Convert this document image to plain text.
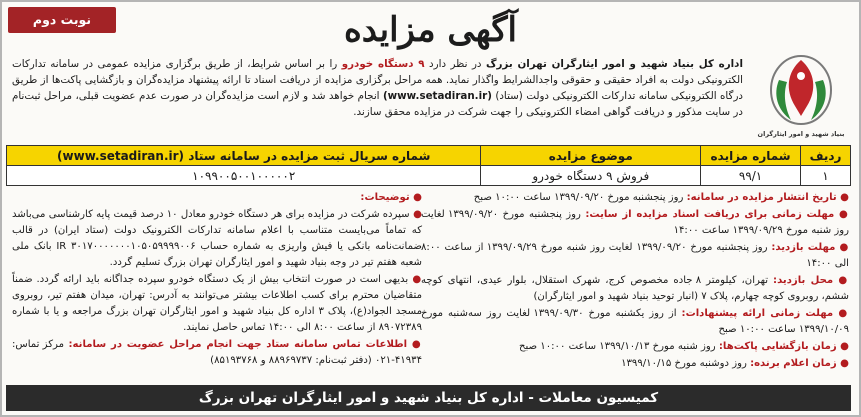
نوبت دوم	آگهی مزایده
بنیاد شهید و امور ایثارگران
اداره کل بنیاد شهید و امور ایثارگران تهران بزرگ در نظر دارد ۹ دستگاه خودرو را بر اساس شرایط، از طریق برگزاری مزایده عمومی در سامانه تدارکات الکترونیکی دولت به افراد حقیقی و حقوقی واجدالشرایط واگذار نماید. همه مراحل برگزاری مزایده از دریافت اسناد تا ارائه پیشنهاد مزایده‌گران و بازگشایی پاکت‌ها از طریق درگاه الکترونیکی سامانه تدارکات الکترونیکی دولت (ستاد) (www.setadiran.ir) انجام خواهد شد و لازم است مزایده‌گران در صورت عدم عضویت قبلی، مراحل ثبت‌نام در سایت مذکور و دریافت گواهی امضاء الکترونیکی را جهت شرکت در مزایده محقق سازند.
ردیف	شماره مزایده	موضوع مزایده	شماره سریال ثبت مزایده در سامانه ستاد (www.setadiran.ir)
۱	۹۹/۱	فروش ۹ دستگاه خودرو	۱۰۹۹۰۰۵۰۰۱۰۰۰۰۰۲
● تاریخ انتشار مزایده در سامانه: روز پنجشنبه مورخ ۱۳۹۹/۰۹/۲۰ ساعت ۱۰:۰۰ صبح
● مهلت زمانی برای دریافت اسناد مزایده از سایت: روز پنجشنبه مورخ ۱۳۹۹/۰۹/۲۰ لغایت روز شنبه مورخ ۱۳۹۹/۰۹/۲۹ ساعت ۱۴:۰۰
● مهلت بازدید: روز پنجشنبه مورخ ۱۳۹۹/۰۹/۲۰ لغایت روز شنبه مورخ ۱۳۹۹/۰۹/۲۹ از ساعت ۸:۰۰ الی ۱۴:۰۰
● محل بازدید: تهران، کیلومتر ۸ جاده مخصوص کرج، شهرک استقلال، بلوار عیدی، انتهای کوچه ششم، روبروی کوچه چهارم، پلاک ۷ (انبار توحید بنیاد شهید و امور ایثارگران)
● مهلت زمانی ارائه پیشنهادات: از روز یکشنبه مورخ ۱۳۹۹/۰۹/۳۰ لغایت روز سه‌شنبه مورخ ۱۳۹۹/۱۰/۰۹ ساعت ۱۰:۰۰ صبح
● زمان بازگشایی پاکت‌ها: روز شنبه مورخ ۱۳۹۹/۱۰/۱۳ ساعت ۱۰:۰۰ صبح
● زمان اعلام برنده: روز دوشنبه مورخ ۱۳۹۹/۱۰/۱۵
● توضیحات:
● سپرده شرکت در مزایده برای هر دستگاه خودرو معادل ۱۰ درصد قیمت پایه کارشناسی می‌باشد که تماماً می‌بایست متناسب با اعلام سامانه تدارکات الکترونیک دولت (ستاد ایران) در قالب ضمانت‌نامه بانکی یا فیش واریزی به شماره حساب IR ۳۰۱۷۰۰۰۰۰۰۰۱۰۵۰۵۹۹۹۹۰۰۶ بانک ملی شعبه هفتم تیر در وجه بنیاد شهید و امور ایثارگران تهران بزرگ تسلیم گردد.
● بدیهی است در صورت انتخاب بیش از یک دستگاه خودرو سپرده جداگانه باید ارائه گردد. ضمناً متقاضیان محترم برای کسب اطلاعات بیشتر می‌توانند به آدرس: تهران، میدان هفتم تیر، روبروی مسجد الجواد(ع)، پلاک ۳ اداره کل بنیاد شهید و امور ایثارگران تهران بزرگ مراجعه و یا با شماره ۸۹۰۷۲۳۸۹ از ساعت ۸:۰۰ الی ۱۴:۰۰ تماس حاصل نمایند.
● اطلاعات تماس سامانه ستاد جهت انجام مراحل عضویت در سامانه: مرکز تماس: ۴۱۹۳۴-۰۲۱ (دفتر ثبت‌نام: ۸۸۹۶۹۷۳۷ و ۸۵۱۹۳۷۶۸)
کمیسیون معاملات - اداره کل بنیاد شهید و امور ایثارگران تهران بزرگ
